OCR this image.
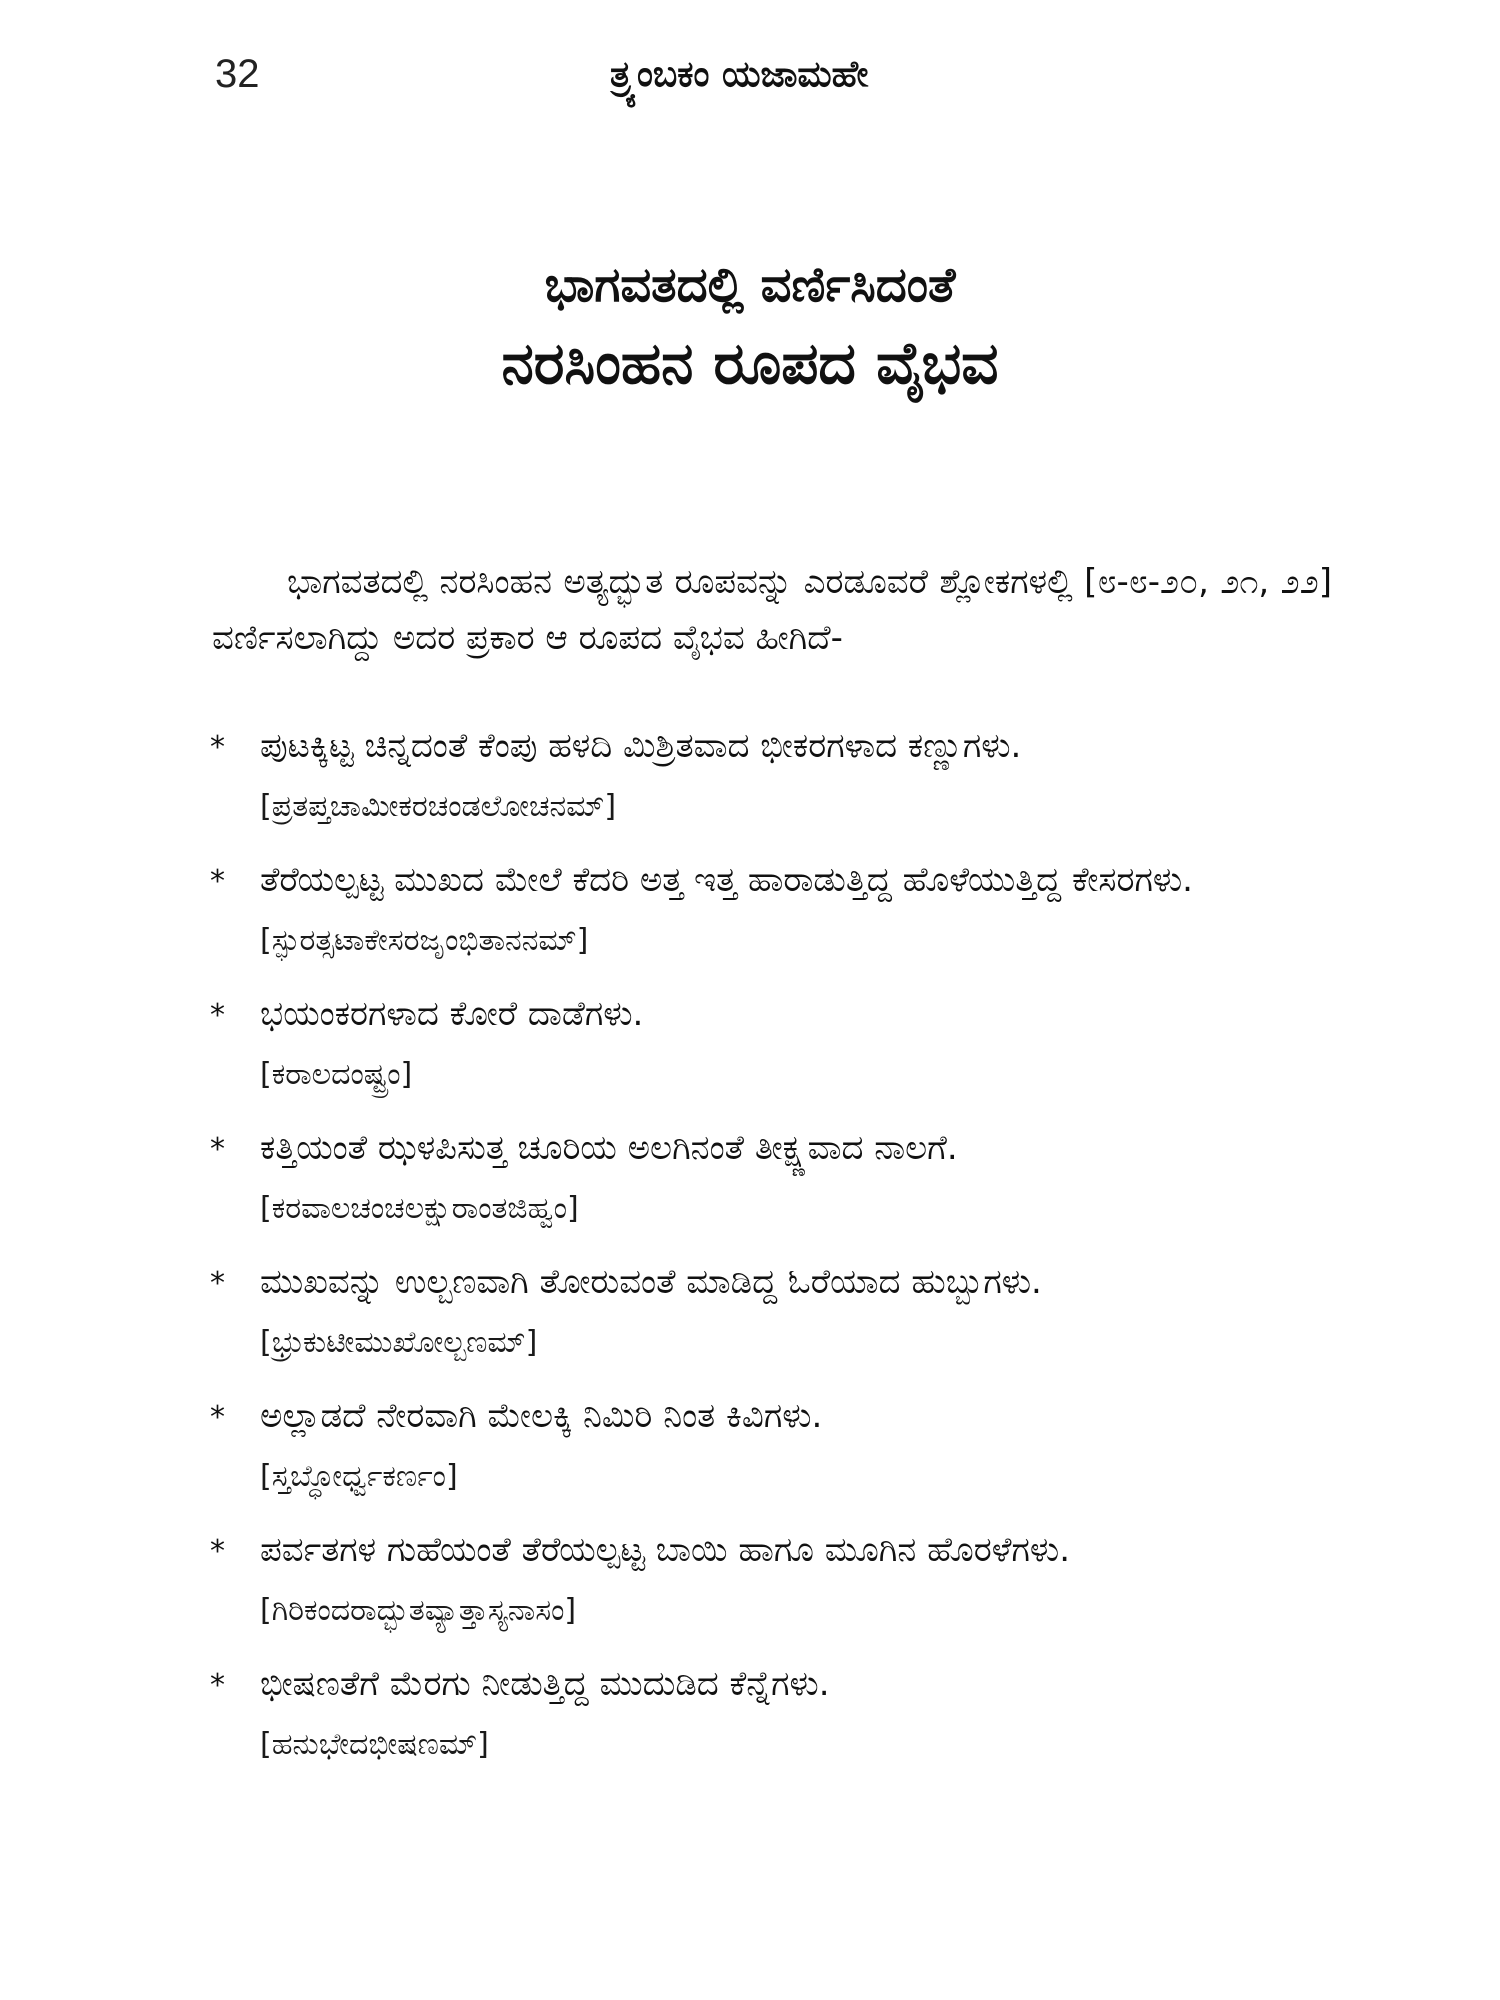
32	ತ್ರ್ಯಂಬಕಂ ಯಜಾಮಹೇ
ಭಾಗವತದಲ್ಲಿ ವರ್ಣಿಸಿದಂತೆ
ನರಸಿಂಹನ ರೂಪದ ವೈಭವ

ಭಾಗವತದಲ್ಲಿ ನರಸಿಂಹನ ಅತ್ಯದ್ಭುತ ರೂಪವನ್ನು ಎರಡೂವರೆ ಶ್ಲೋಕಗಳಲ್ಲಿ [೮-೮-೨೦, ೨೧, ೨೨] ವರ್ಣಿಸಲಾಗಿದ್ದು ಅದರ ಪ್ರಕಾರ ಆ ರೂಪದ ವೈಭವ ಹೀಗಿದೆ-

* ಪುಟಕ್ಕಿಟ್ಟ ಚಿನ್ನದಂತೆ ಕೆಂಪು ಹಳದಿ ಮಿಶ್ರಿತವಾದ ಭೀಕರಗಳಾದ ಕಣ್ಣುಗಳು.
[ಪ್ರತಪ್ತಚಾಮೀಕರಚಂಡಲೋಚನಮ್]
* ತೆರೆಯಲ್ಪಟ್ಟ ಮುಖದ ಮೇಲೆ ಕೆದರಿ ಅತ್ತ ಇತ್ತ ಹಾರಾಡುತ್ತಿದ್ದ ಹೊಳೆಯುತ್ತಿದ್ದ ಕೇಸರಗಳು.
[ಸ್ಫುರತ್ಸಟಾಕೇಸರಜೃಂಭಿತಾನನಮ್]
* ಭಯಂಕರಗಳಾದ ಕೋರೆ ದಾಡೆಗಳು.
[ಕರಾಲದಂಷ್ಟ್ರಂ]
* ಕತ್ತಿಯಂತೆ ಝಳಪಿಸುತ್ತ ಚೂರಿಯ ಅಲಗಿನಂತೆ ತೀಕ್ಷ್ಣವಾದ ನಾಲಗೆ.
[ಕರವಾಲಚಂಚಲಕ್ಷುರಾಂತಜಿಹ್ವಂ]
* ಮುಖವನ್ನು ಉಲ್ಬಣವಾಗಿ ತೋರುವಂತೆ ಮಾಡಿದ್ದ ಓರೆಯಾದ ಹುಬ್ಬುಗಳು.
[ಭ್ರುಕುಟೀಮುಖೋಲ್ಬಣಮ್]
* ಅಲ್ಲಾಡದೆ ನೇರವಾಗಿ ಮೇಲಕ್ಕಿ ನಿಮಿರಿ ನಿಂತ ಕಿವಿಗಳು.
[ಸ್ತಬ್ಧೋರ್ಧ್ವಕರ್ಣಂ]
* ಪರ್ವತಗಳ ಗುಹೆಯಂತೆ ತೆರೆಯಲ್ಪಟ್ಟ ಬಾಯಿ ಹಾಗೂ ಮೂಗಿನ ಹೊರಳೆಗಳು.
[ಗಿರಿಕಂದರಾದ್ಭುತವ್ಯಾತ್ತಾಸ್ಯನಾಸಂ]
* ಭೀಷಣತೆಗೆ ಮೆರಗು ನೀಡುತ್ತಿದ್ದ ಮುದುಡಿದ ಕೆನ್ನೆಗಳು.
[ಹನುಭೇದಭೀಷಣಮ್]
